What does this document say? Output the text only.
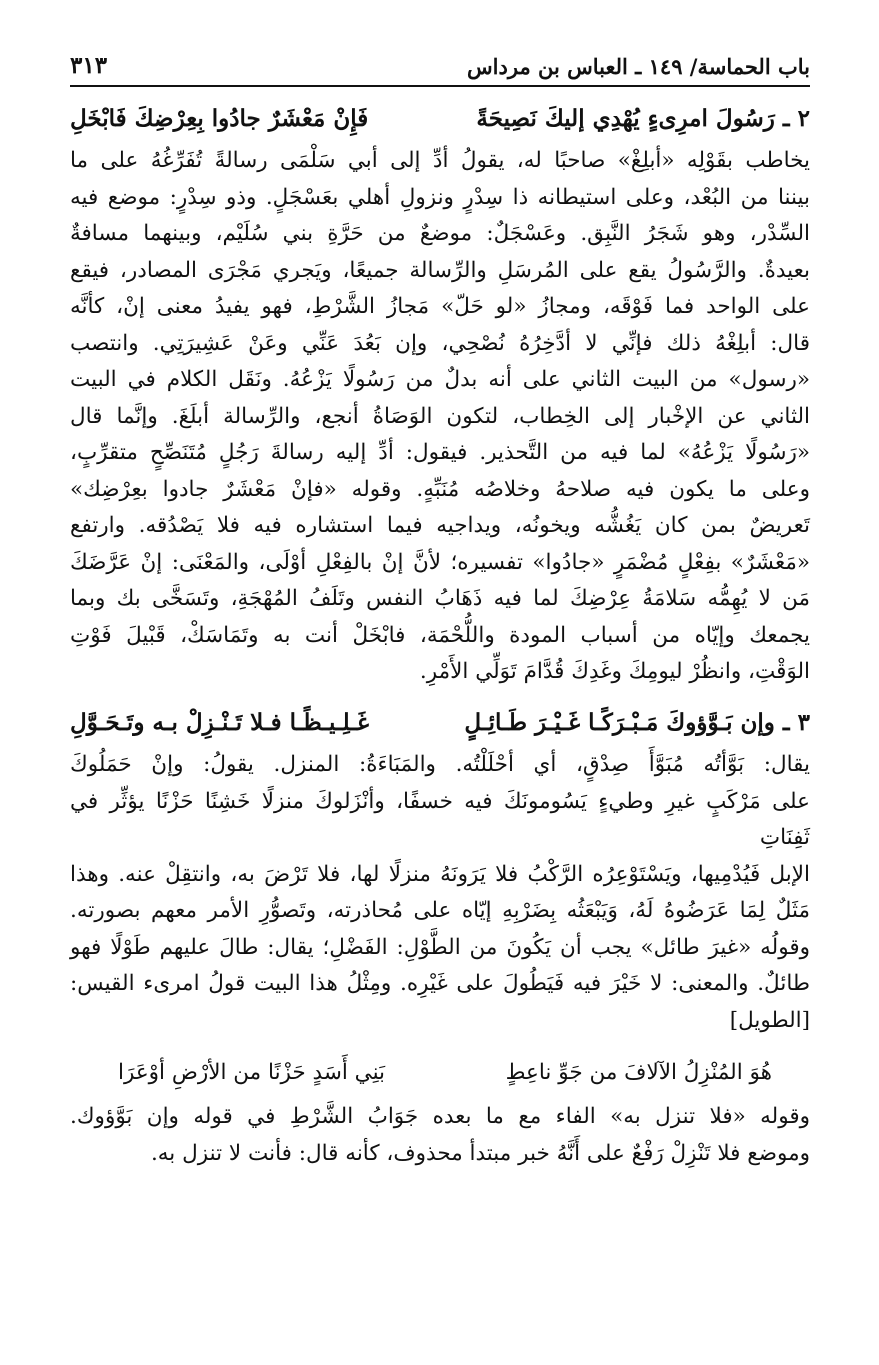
باب الحماسة/ ١٤٩ ـ العباس بن مرداس
٣١٣
٢ ـ رَسُولَ امرِىءٍ يُهْدِي إليكَ نَصِيحَةً
فَإِنْ مَعْشَرٌ جادُوا بِعِرْضِكَ فَابْخَلِ
يخاطب بقَوْلِه «أبلِغْ» صاحبًا له، يقولُ أدِّ إلى أبي سَلْمَى رسالةً تُفَرِّغُهُ على ما
بيننا من البُعْد، وعلى استيطانه ذا سِدْرٍ ونزولِ أهلي بعَسْجَلٍ. وذو سِدْرٍ: موضع فيه
السِّدْر، وهو شَجَرُ النَّبِق. وعَسْجَلٌ: موضعٌ من حَرَّةِ بني سُلَيْم، وبينهما مسافةٌ
بعيدةٌ. والرَّسُولُ يقع على المُرسَلِ والرِّسالة جميعًا، ويَجري مَجْرَى المصادر، فيقع
على الواحد فما فَوْقَه، ومجازُ «لو حَلّ» مَجازُ الشَّرْطِ، فهو يفيدُ معنى إنْ، كأنَّه
قال: أبلِغْهُ ذلك فإنِّي لا أدَّخِرُهُ نُصْحِي، وإن بَعُدَ عَنِّي وعَنْ عَشِيرَتِي. وانتصب
«رسول» من البيت الثاني على أنه بدلٌ من رَسُولًا يَزْعُهُ. ونَقَل الكلام في البيت
الثاني عن الإخْبار إلى الخِطاب، لتكون الوَصَاةُ أنجع، والرِّسالة أبلَغَ. وإنَّما قال
«رَسُولًا يَزْعُهُ» لما فيه من التَّحذير. فيقول: أدِّ إليه رسالةَ رَجُلٍ مُتَنَصِّحٍ متقرِّبٍ،
وعلى ما يكون فيه صلاحهُ وخلاصُه مُنَبِّهٍ. وقوله «فإنْ مَعْشَرٌ جادوا بعِرْضِك»
تَعريضٌ بمن كان يَغُشُّه ويخونُه، ويداجيه فيما استشاره فيه فلا يَصْدُقه. وارتفع
«مَعْشَرٌ» بفِعْلٍ مُضْمَرٍ «جادُوا» تفسيره؛ لأنَّ إنْ بالفِعْلِ أوْلَى، والمَعْنَى: إنْ عَرَّضَكَ
مَن لا يُهِمُّه سَلامَةُ عِرْضِكَ لما فيه ذَهَابُ النفس وتَلَفُ المُهْجَةِ، وتَسَخَّى بك وبما
يجمعك وإيّاه من أسباب المودة واللُّحْمَة، فابْخَلْ أنت به وتَمَاسَكْ، قَبْيلَ فَوْتِ
الوَقْتِ، وانظُرْ ليومِكَ وغَدِكَ قُدَّامَ تَوَلِّي الأَمْرِ.
٣ ـ وإن بَـوَّؤوكَ مَـبْـرَكًـا غَـيْـرَ طَـائِـلٍ
غَـلِـيـظًـا فـلا تَـنْـزِلْ بـه وتَـحَـوَّلِ
يقال: بَوَّأتُه مُبَوَّأَ صِدْقٍ، أي أحْلَلْتُه. والمَبَاءَةُ: المنزل. يقولُ: وإنْ حَمَلُوكَ
على مَرْكَبٍ غيرِ وطيءٍ يَسُومونَكَ فيه خسفًا، وأنْزَلوكَ منزلًا خَشِنًا حَزْنًا يؤثِّر في ثَفِنَاتِ
الإبل فَيُدْمِيها، ويَسْتَوْعِرُه الرَّكْبُ فلا يَرَونَهُ منزلًا لها، فلا تَرْضَ به، وانتقِلْ عنه. وهذا
مَثَلٌ لِمَا عَرَضُوهُ لَهُ، وَيَبْعَثُه بِضَرْبِهِ إيّاه على مُحاذرته، وتَصوُّرِ الأمر معهم بصورته.
وقولُه «غيرَ طائل» يجب أن يَكُونَ من الطَّوْلِ: الفَضْلِ؛ يقال: طالَ عليهم طَوْلًا فهو
طائلٌ. والمعنى: لا خَيْرَ فيه فَيَطُولَ على غَيْرِه. ومِثْلُ هذا البيت قولُ امرىء القيس:
[الطويل]
هُوَ المُنْزِلُ الآلافَ من جَوِّ ناعِطٍ
بَنِي أَسَدٍ حَزْنًا من الأرْضِ أوْعَرَا
وقوله «فلا تنزل به» الفاء مع ما بعده جَوَابُ الشَّرْطِ في قوله وإن بَوَّؤوك.
وموضع فلا تَنْزِلْ رَفْعٌ على أَنَّهُ خبر مبتدأ محذوف، كأنه قال: فأنت لا تنزل به.
